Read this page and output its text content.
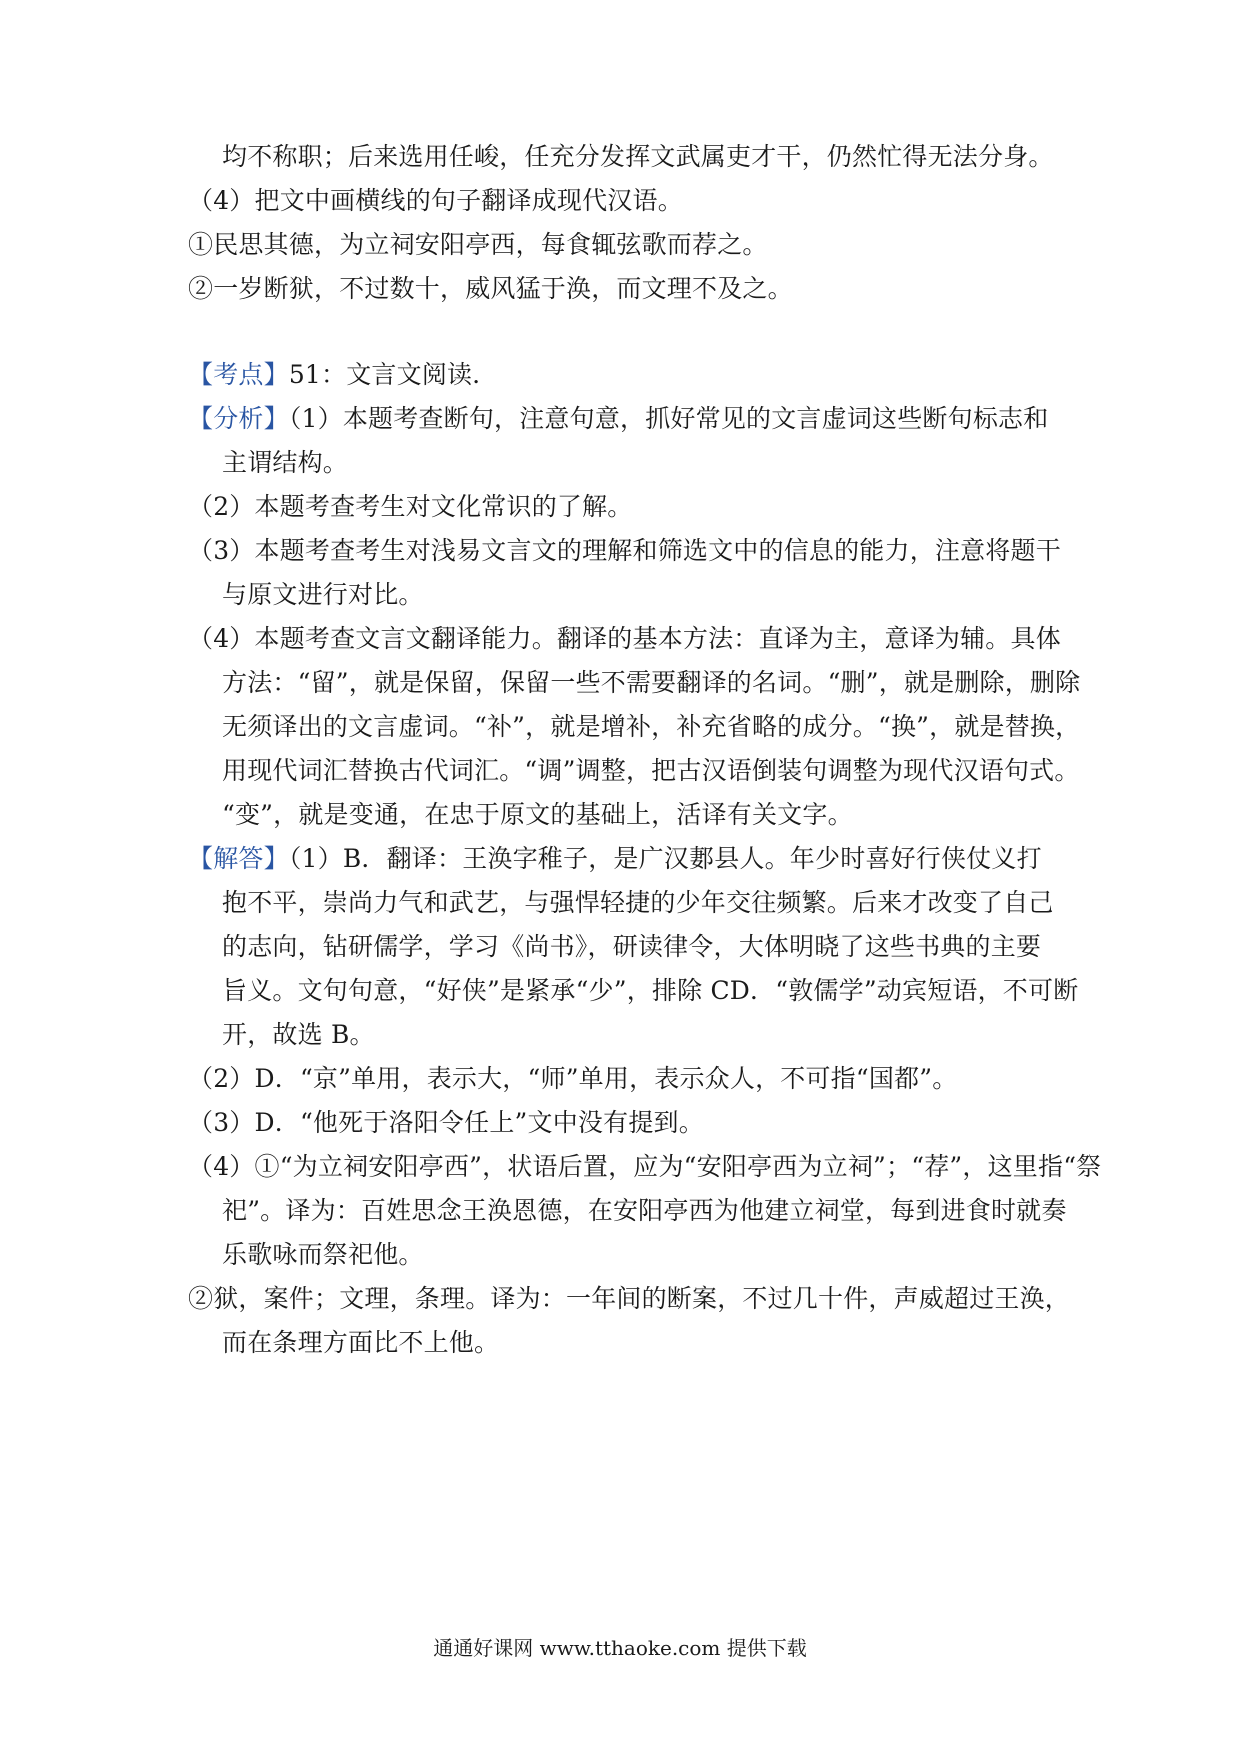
均不称职；后来选用任峻，任充分发挥文武属吏才干，仍然忙得无法分身。
（4）把文中画横线的句子翻译成现代汉语。
①民思其德，为立祠安阳亭西，每食辄弦歌而荐之。
②一岁断狱，不过数十，威风猛于涣，而文理不及之。
【考点】51：文言文阅读．
【分析】（1）本题考查断句，注意句意，抓好常见的文言虚词这些断句标志和
主谓结构。
（2）本题考查考生对文化常识的了解。
（3）本题考查考生对浅易文言文的理解和筛选文中的信息的能力，注意将题干
与原文进行对比。
（4）本题考查文言文翻译能力。翻译的基本方法：直译为主，意译为辅。具体
方法：“留”，就是保留，保留一些不需要翻译的名词。“删”，就是删除，删除
无须译出的文言虚词。“补”，就是增补，补充省略的成分。“换”，就是替换，
用现代词汇替换古代词汇。“调”调整，把古汉语倒装句调整为现代汉语句式。
“变”，就是变通，在忠于原文的基础上，活译有关文字。
【解答】（1）B．翻译：王涣字稚子，是广汉郪县人。年少时喜好行侠仗义打
抱不平，崇尚力气和武艺，与强悍轻捷的少年交往频繁。后来才改变了自己
的志向，钻研儒学，学习《尚书》，研读律令，大体明晓了这些书典的主要
旨义。文句句意，“好侠”是紧承“少”，排除 CD．“敦儒学”动宾短语，不可断
开，故选 B。
（2）D．“京”单用，表示大，“师”单用，表示众人，不可指“国都”。
（3）D．“他死于洛阳令任上”文中没有提到。
（4）①“为立祠安阳亭西”，状语后置，应为“安阳亭西为立祠”；“荐”，这里指“祭
祀”。译为：百姓思念王涣恩德，在安阳亭西为他建立祠堂，每到进食时就奏
乐歌咏而祭祀他。
②狱，案件；文理，条理。译为：一年间的断案，不过几十件，声威超过王涣，
而在条理方面比不上他。
通通好课网 www.tthaoke.com 提供下载
